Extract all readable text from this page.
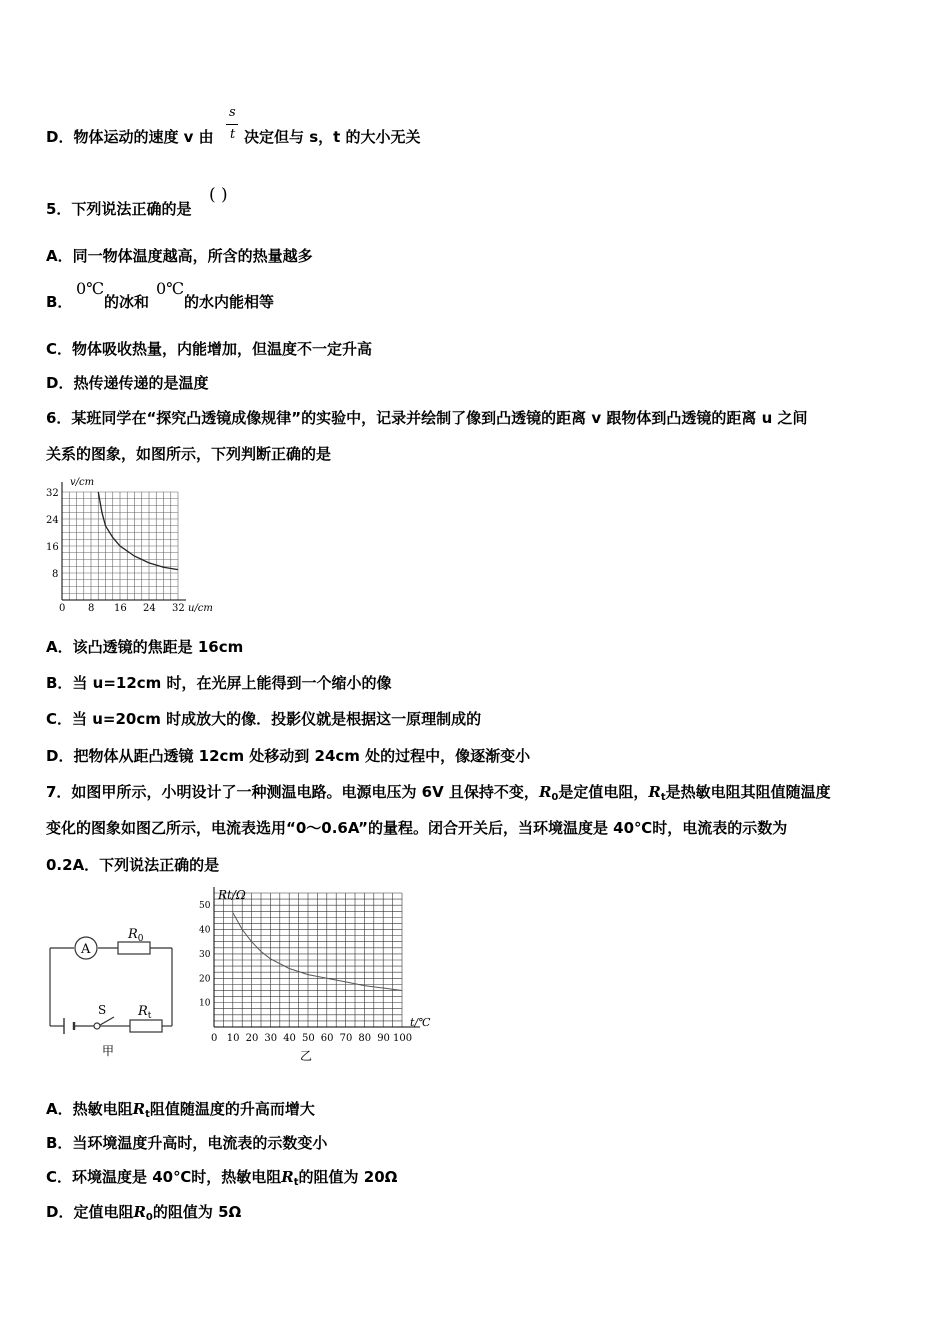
D．物体运动的速度 v 由
s
t 决定但与 s，t 的大小无关
5．下列说法正确的是
( )
A．同一物体温度越高，所含的热量越多
B．
0℃
的冰和
0℃
的水内能相等
C．物体吸收热量，内能增加，但温度不一定升高
D．热传递传递的是温度
6．某班同学在“探究凸透镜成像规律”的实验中，记录并绘制了像到凸透镜的距离 v 跟物体到凸透镜的距离 u 之间
关系的图象，如图所示，下列判断正确的是
0 8 16 24 32
8
16
24
32
v/cm
u/cm
A．该凸透镜的焦距是 16cm
B．当 u=12cm 时，在光屏上能得到一个缩小的像
C．当 u=20cm 时成放大的像．投影仪就是根据这一原理制成的
D．把物体从距凸透镜 12cm 处移动到 24cm 处的过程中，像逐渐变小
7．如图甲所示，小明设计了一种测温电路。电源电压为 6V 且保持不变，$R_0$是定值电阻，$R_t$是热敏电阻其阻值随温度
变化的图象如图乙所示，电流表选用“0～0.6A”的量程。闭合开关后，当环境温度是 40℃时，电流表的示数为
0.2A．下列说法正确的是
A
$R_0$
S $R_t$
甲
0 10 20 30 40 50 60 70 80 90 100
10
20
30
40
50
Rt/Ω
t/℃
乙
A．热敏电阻$R_t$阻值随温度的升高而增大
B．当环境温度升高时，电流表的示数变小
C．环境温度是 40℃时，热敏电阻$R_t$的阻值为 20Ω
D．定值电阻$R_0$的阻值为 5Ω
